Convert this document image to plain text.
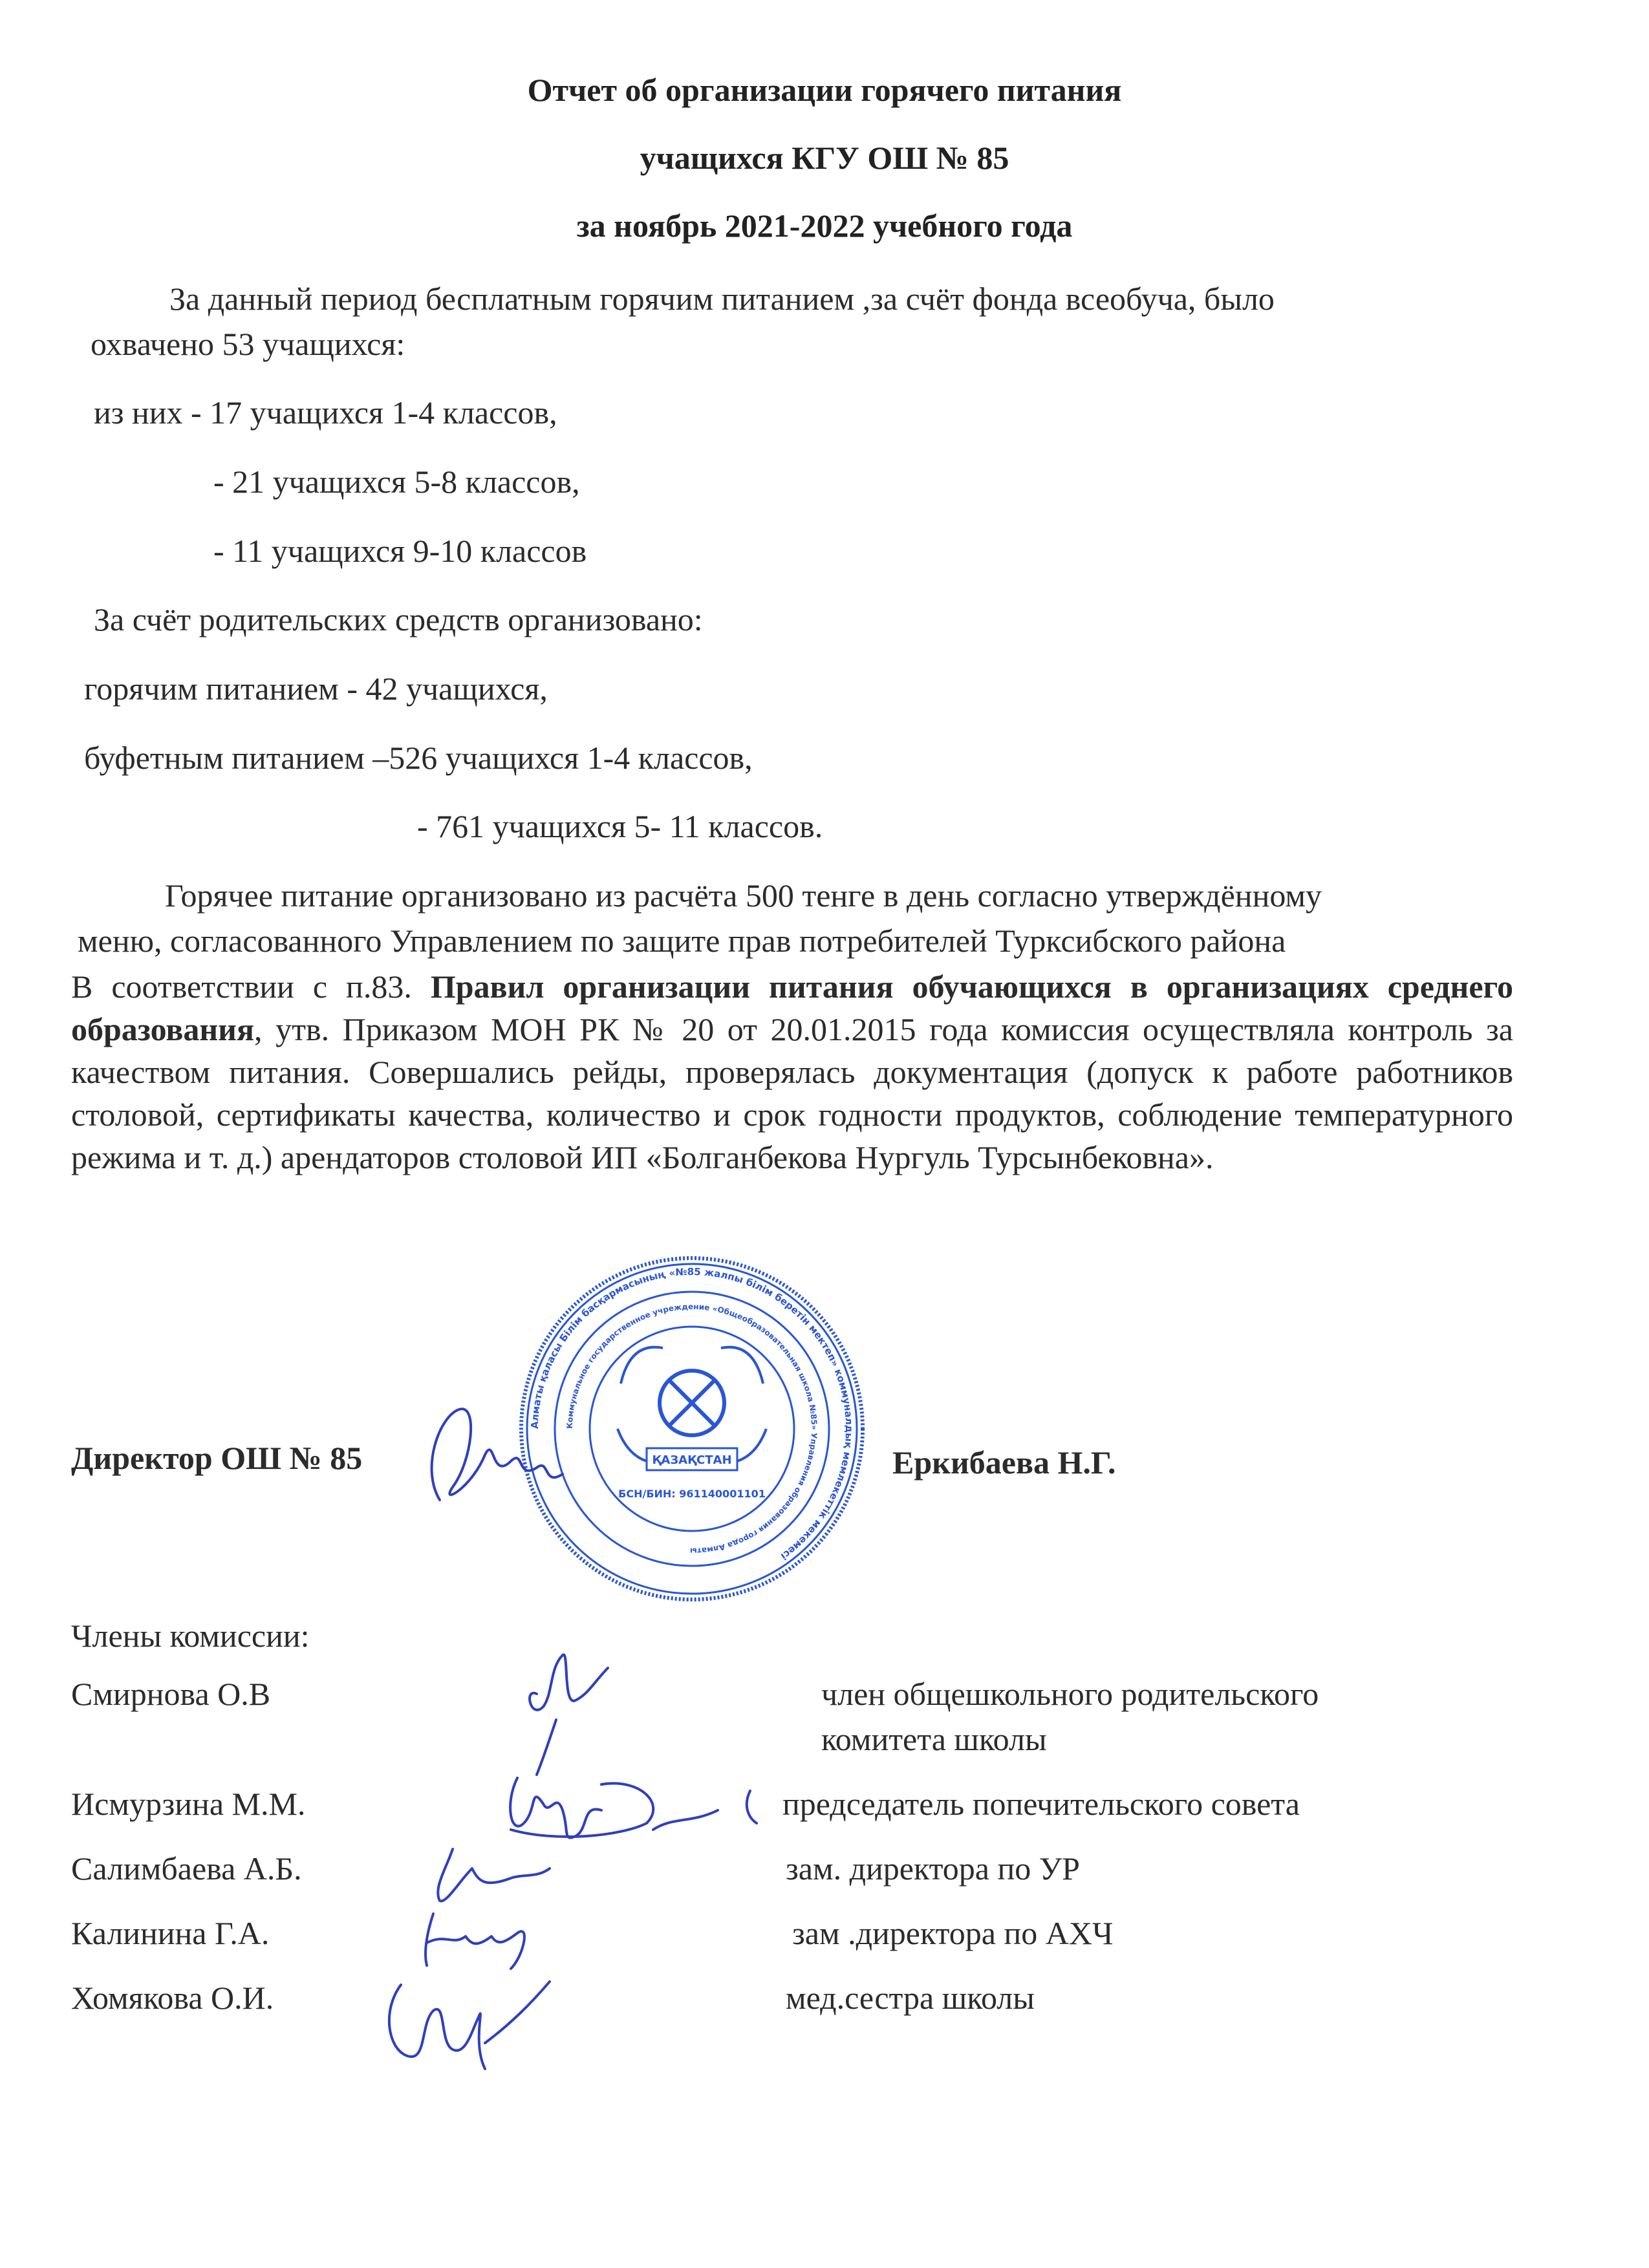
Отчет об организации горячего питания
учащихся КГУ ОШ № 85
за ноябрь 2021-2022 учебного года
За данный период бесплатным горячим питанием ,за счёт фонда всеобуча, было
охвачено 53 учащихся:
из них - 17 учащихся 1-4 классов,
- 21 учащихся 5-8 классов,
- 11 учащихся 9-10 классов
За счёт родительских средств организовано:
горячим питанием - 42 учащихся,
буфетным питанием –526 учащихся 1-4 классов,
- 761 учащихся 5- 11 классов.
Горячее питание организовано из расчёта 500 тенге в день согласно утверждённому
меню, согласованного Управлением по защите прав потребителей Турксибского района
В соответствии с п.83. Правил организации питания обучающихся в организациях среднего образования, утв. Приказом МОН РК № 20 от 20.01.2015 года комиссия осуществляла контроль за качеством питания. Совершались рейды, проверялась документация (допуск к работе работников столовой, сертификаты качества, количество и срок годности продуктов, соблюдение температурного режима и т. д.) арендаторов столовой ИП «Болганбекова Нургуль Турсынбековна».
Алматы қаласы Білім басқармасының «№85 жалпы білім беретін мектеп» коммуналдық мемлекеттік мекемесі
Коммунальное государственное учреждение «Общеобразовательная школа №85» Управления образования города Алматы
ҚАЗАҚСТАН
БСН/БИН: 961140001101
Директор ОШ № 85	Еркибаева Н.Г.
Члены комиссии:
Смирнова О.В	член общешкольного родительского
комитета школы
Исмурзина М.М.	председатель попечительского совета
Салимбаева А.Б.	зам. директора по УР
Калинина Г.А.	зам .директора по АХЧ
Хомякова О.И.	мед.сестра школы
